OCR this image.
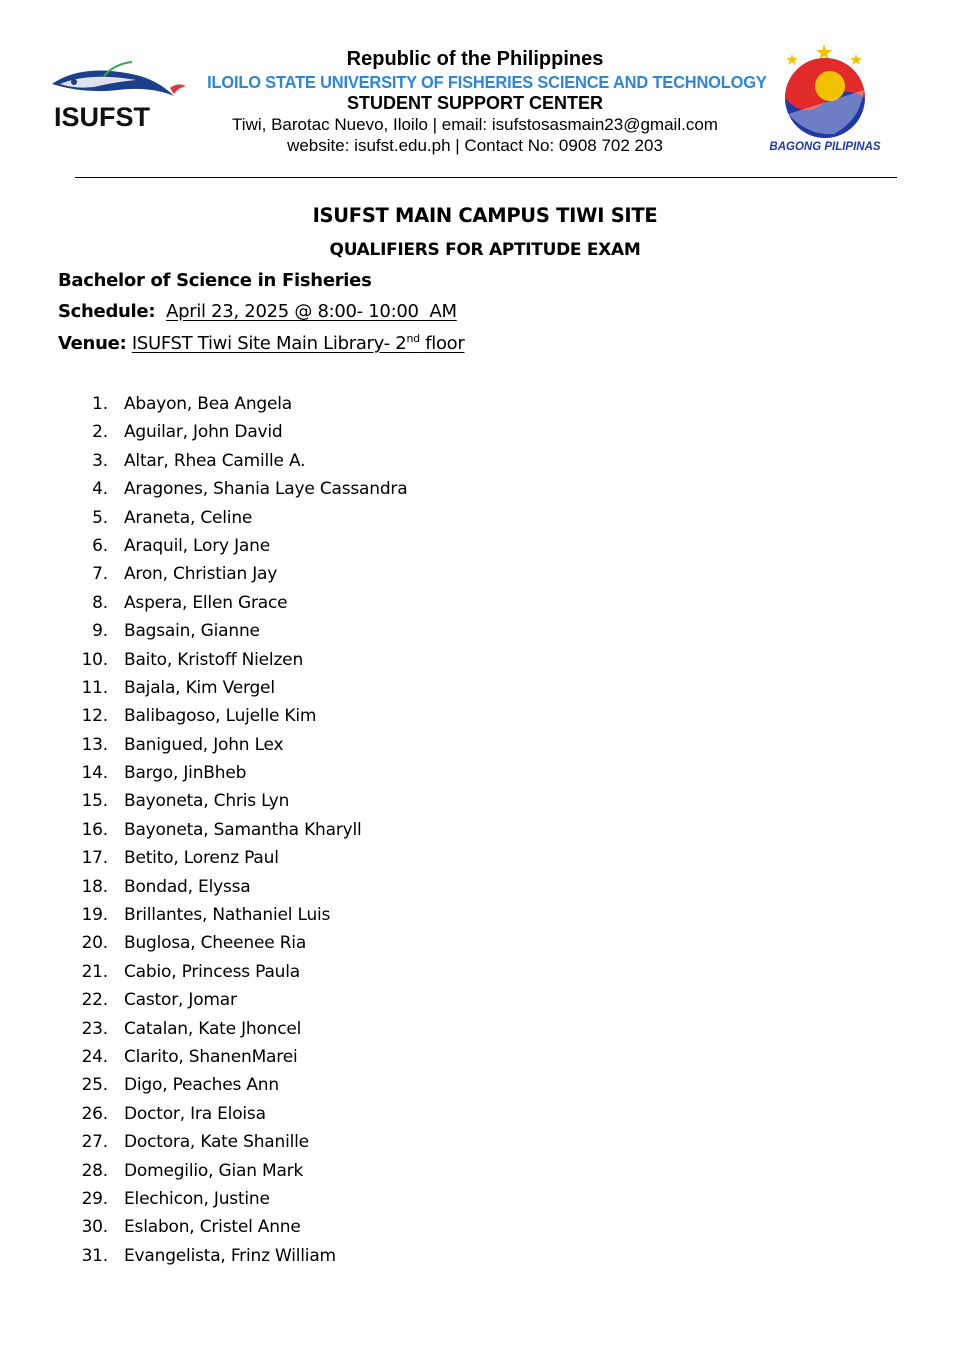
ISUFST
Republic of the Philippines
ILOILO STATE UNIVERSITY OF FISHERIES SCIENCE AND TECHNOLOGY
STUDENT SUPPORT CENTER
Tiwi, Barotac Nuevo, Iloilo | email: isufstosasmain23@gmail.com
website: isufst.edu.ph | Contact No: 0908 702 203	BAGONG PILIPINAS
ISUFST MAIN CAMPUS TIWI SITE
QUALIFIERS FOR APTITUDE EXAM
Bachelor of Science in Fisheries
Schedule: April 23, 2025 @ 8:00- 10:00  AM
Venue: ISUFST Tiwi Site Main Library- 2nd floor
1. Abayon, Bea Angela
2. Aguilar, John David
3. Altar, Rhea Camille A.
4. Aragones, Shania Laye Cassandra
5. Araneta, Celine
6. Araquil, Lory Jane
7. Aron, Christian Jay
8. Aspera, Ellen Grace
9. Bagsain, Gianne
10. Baito, Kristoff Nielzen
11. Bajala, Kim Vergel
12. Balibagoso, Lujelle Kim
13. Banigued, John Lex
14. Bargo, JinBheb
15. Bayoneta, Chris Lyn
16. Bayoneta, Samantha Kharyll
17. Betito, Lorenz Paul
18. Bondad, Elyssa
19. Brillantes, Nathaniel Luis
20. Buglosa, Cheenee Ria
21. Cabio, Princess Paula
22. Castor, Jomar
23. Catalan, Kate Jhoncel
24. Clarito, ShanenMarei
25. Digo, Peaches Ann
26. Doctor, Ira Eloisa
27. Doctora, Kate Shanille
28. Domegilio, Gian Mark
29. Elechicon, Justine
30. Eslabon, Cristel Anne
31. Evangelista, Frinz William
